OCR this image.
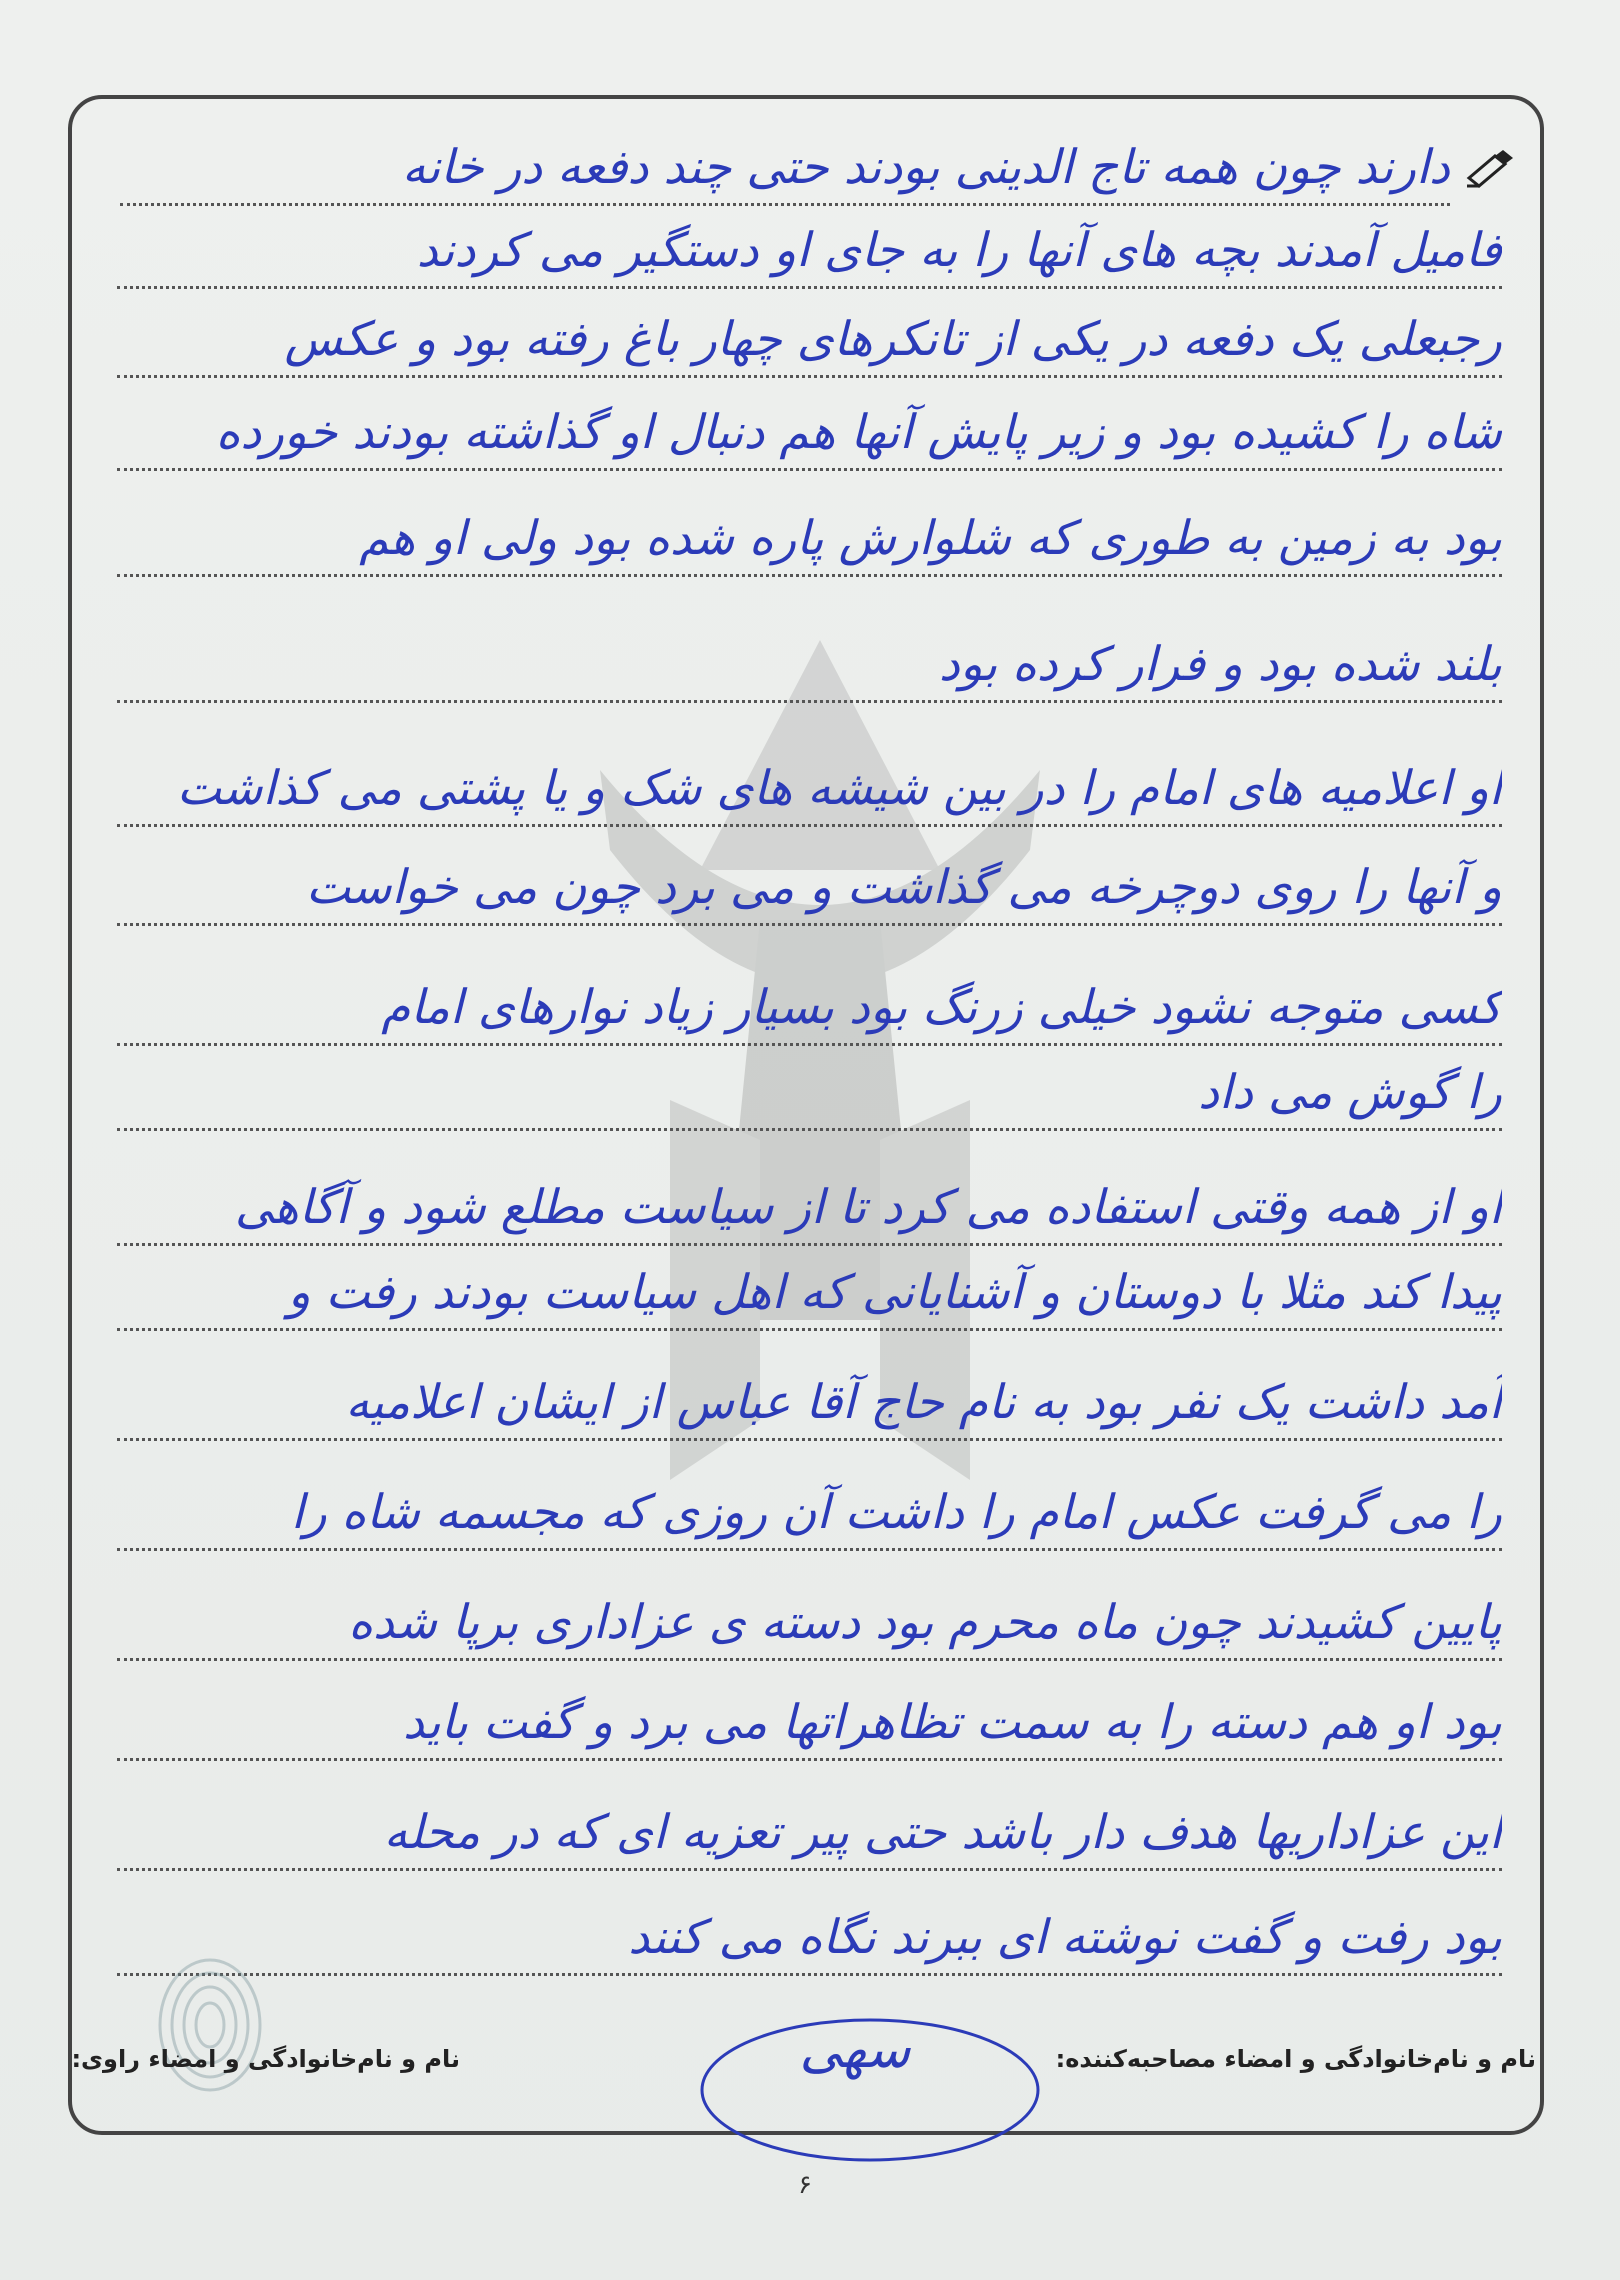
دارند چون همه تاج الدینی بودند حتی چند دفعه در خانه
فامیل آمدند بچه های آنها را به جای او دستگیر می کردند
رجبعلی یک دفعه در یکی از تانکرهای چهار باغ رفته بود و عکس
شاه را کشیده بود و زیر پایش آنها هم دنبال او گذاشته بودند خورده
بود به زمین به طوری که شلوارش پاره شده بود ولی او هم
بلند شده بود و فرار کرده بود
او اعلامیه های امام را در بین شیشه های شک و یا پشتی می کذاشت
و آنها را روی دوچرخه می گذاشت و می برد چون می خواست
کسی متوجه نشود خیلی زرنگ بود بسیار زیاد نوارهای امام
را گوش می داد
او از همه وقتی استفاده می کرد تا از سیاست مطلع شود و آگاهی
پیدا کند مثلا با دوستان و آشنایانی که اهل سیاست بودند رفت و
آمد داشت یک نفر بود به نام حاج آقا عباس از ایشان اعلامیه
را می گرفت عکس امام را داشت آن روزی که مجسمه شاه را
پایین کشیدند چون ماه محرم بود دسته ی عزاداری برپا شده
بود او هم دسته را به سمت تظاهراتها می برد و گفت باید
این عزاداریها هدف دار باشد حتی پیر تعزیه ای که در محله
بود رفت و گفت نوشته ای ببرند نگاه می کنند
نام و نام‌خانوادگی و امضاء راوی:	نام و نام‌خانوادگی و امضاء مصاحبه‌کننده:
سهی
۶
